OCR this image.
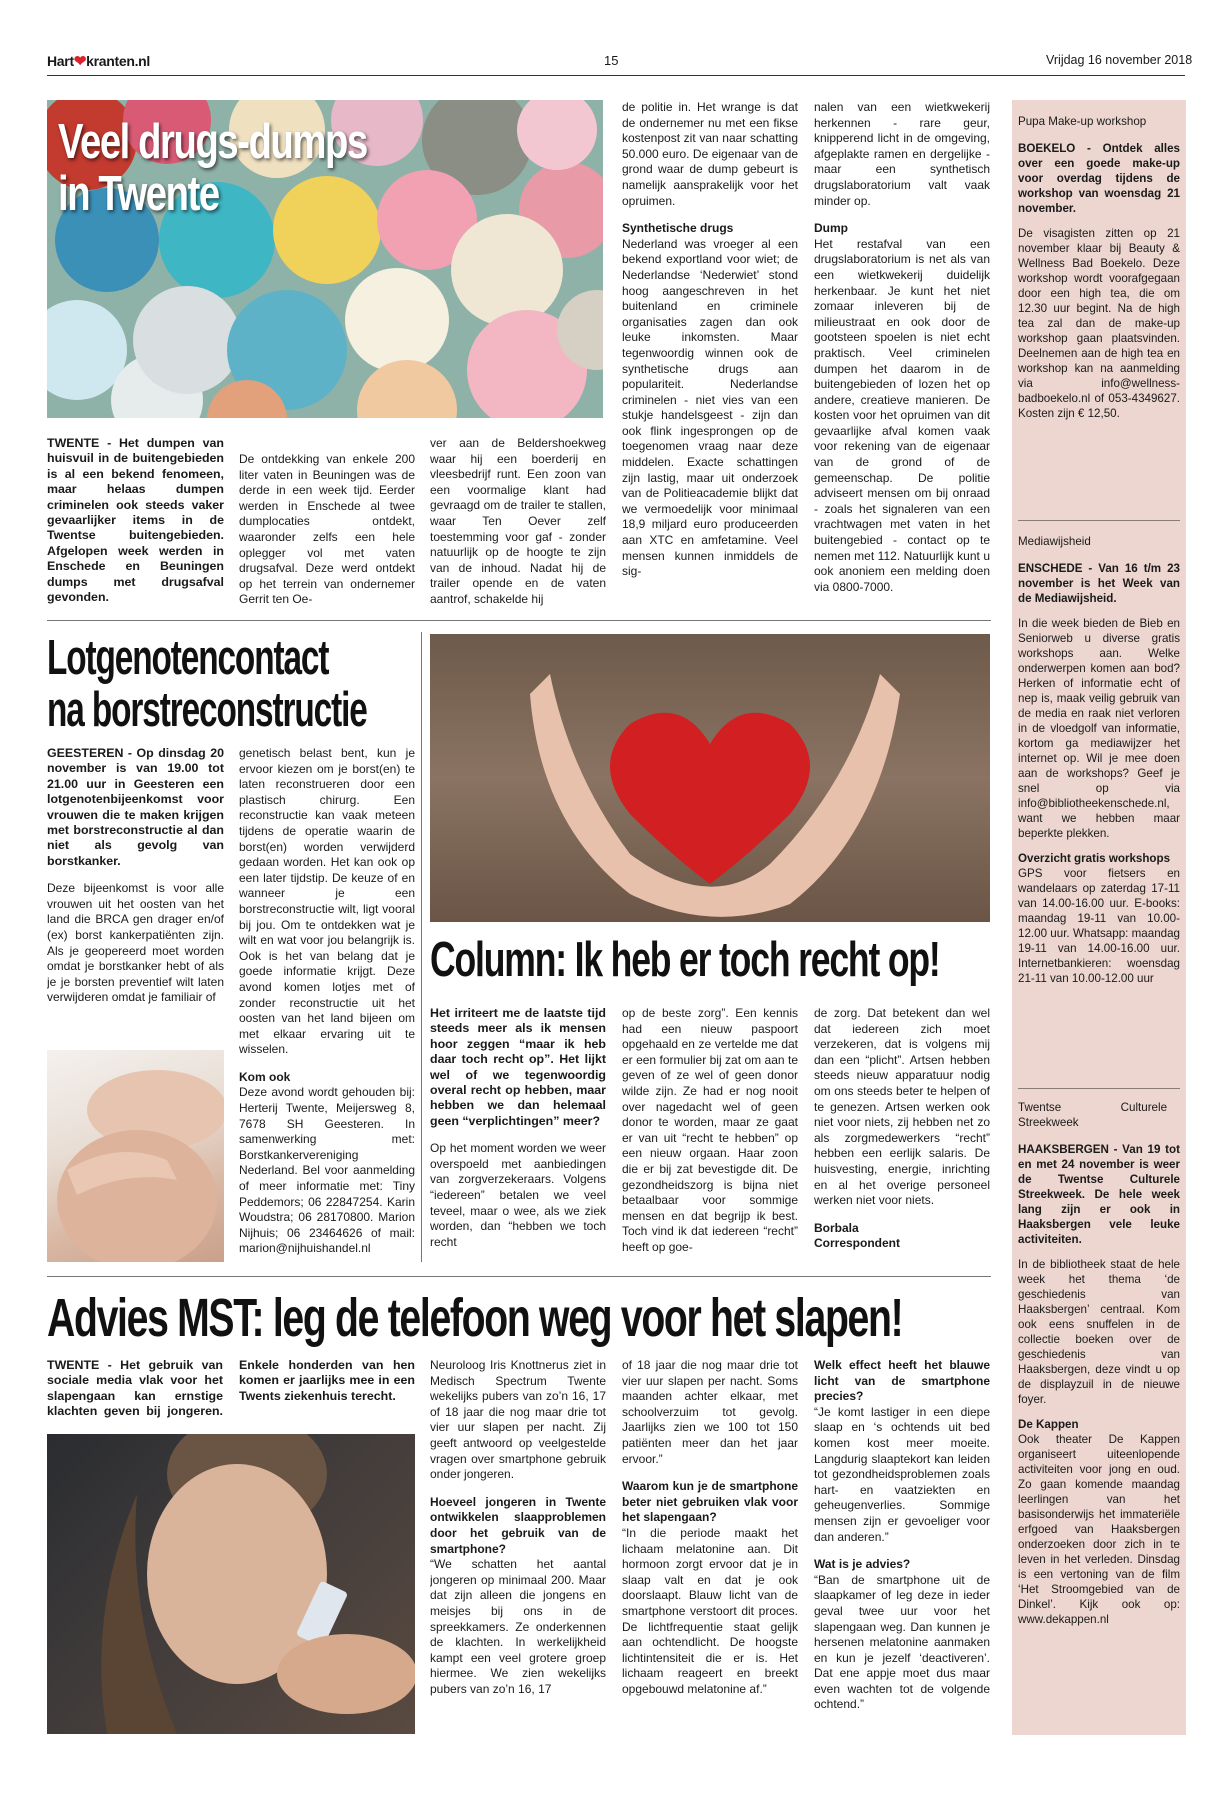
Hart❤kranten.nl	15	Vrijdag 16 november 2018
Veel drugs-dumps
in Twente

TWENTE - Het dumpen van huisvuil in de buitengebieden is al een bekend fenomeen, maar helaas dumpen criminelen ook steeds vaker gevaarlijker items in de Twentse buitengebieden. Afgelopen week werden in Enschede en Beuningen dumps met drugsafval gevonden.

De ontdekking van enkele 200 liter vaten in Beuningen was de derde in een week tijd. Eerder werden in Enschede al twee dumplocaties ontdekt, waaronder zelfs een hele oplegger vol met vaten drugsafval. Deze werd ontdekt op het terrein van ondernemer Gerrit ten Oe-

ver aan de Beldershoekweg waar hij een boerderij en vleesbedrijf runt. Een zoon van een voormalige klant had gevraagd om de trailer te stallen, waar Ten Oever zelf toestemming voor gaf - zonder natuurlijk op de hoogte te zijn van de inhoud. Nadat hij de trailer opende en de vaten aantrof, schakelde hij

de politie in. Het wrange is dat de ondernemer nu met een fikse kostenpost zit van naar schatting 50.000 euro. De eigenaar van de grond waar de dump gebeurt is namelijk aansprakelijk voor het opruimen.

Synthetische drugs

Nederland was vroeger al een bekend exportland voor wiet; de Nederlandse ‘Nederwiet’ stond hoog aangeschreven in het buitenland en criminele organisaties zagen dan ook leuke inkomsten. Maar tegenwoordig winnen ook de synthetische drugs aan populariteit. Nederlandse criminelen - niet vies van een stukje handelsgeest - zijn dan ook flink ingesprongen op de toegenomen vraag naar deze middelen. Exacte schattingen zijn lastig, maar uit onderzoek van de Politieacademie blijkt dat we vermoedelijk voor minimaal 18,9 miljard euro produceerden aan XTC en amfetamine. Veel mensen kunnen inmiddels de sig-

nalen van een wietkwekerij herkennen - rare geur, knipperend licht in de omgeving, afgeplakte ramen en dergelijke - maar een synthetisch drugslaboratorium valt vaak minder op.

Dump

Het restafval van een drugslaboratorium is net als van een wietkwekerij duidelijk herkenbaar. Je kunt het niet zomaar inleveren bij de milieustraat en ook door de gootsteen spoelen is niet echt praktisch. Veel criminelen dumpen het daarom in de buitengebieden of lozen het op andere, creatieve manieren. De kosten voor het opruimen van dit gevaarlijke afval komen vaak voor rekening van de eigenaar van de grond of de gemeenschap. De politie adviseert mensen om bij onraad - zoals het signaleren van een vrachtwagen met vaten in het buitengebied - contact op te nemen met 112. Natuurlijk kunt u ook anoniem een melding doen via 0800-7000.

Lotgenotencontact
na borstreconstructie

GEESTEREN - Op dinsdag 20 november is van 19.00 tot 21.00 uur in Geesteren een lotgenotenbijeenkomst voor vrouwen die te maken krijgen met borstreconstructie al dan niet als gevolg van borstkanker.

Deze bijeenkomst is voor alle vrouwen uit het oosten van het land die BRCA gen drager en/of (ex) borst kankerpatiënten zijn. Als je geopereerd moet worden omdat je borstkanker hebt of als je je borsten preventief wilt laten verwijderen omdat je familiair of

genetisch belast bent, kun je ervoor kiezen om je borst(en) te laten reconstrueren door een plastisch chirurg. Een reconstructie kan vaak meteen tijdens de operatie waarin de borst(en) worden verwijderd gedaan worden. Het kan ook op een later tijdstip. De keuze of en wanneer je een borstreconstructie wilt, ligt vooral bij jou. Om te ontdekken wat je wilt en wat voor jou belangrijk is. Ook is het van belang dat je goede informatie krijgt. Deze avond komen lotjes met of zonder reconstructie uit het oosten van het land bijeen om met elkaar ervaring uit te wisselen.

Kom ook

Deze avond wordt gehouden bij: Herterij Twente, Meijersweg 8, 7678 SH Geesteren. In samenwerking met: Borstkankervereniging Nederland. Bel voor aanmelding of meer informatie met: Tiny Peddemors; 06 22847254. Karin Woudstra; 06 28170800. Marion Nijhuis; 06 23464626 of mail: marion@nijhuishandel.nl

Column: Ik heb er toch recht op!

Het irriteert me de laatste tijd steeds meer als ik mensen hoor zeggen “maar ik heb daar toch recht op”. Het lijkt wel of we tegenwoordig overal recht op hebben, maar hebben we dan helemaal geen “verplichtingen” meer?

Op het moment worden we weer overspoeld met aanbiedingen van zorgverzekeraars. Volgens “iedereen” betalen we veel teveel, maar o wee, als we ziek worden, dan “hebben we toch recht

op de beste zorg”. Een kennis had een nieuw paspoort opgehaald en ze vertelde me dat er een formulier bij zat om aan te geven of ze wel of geen donor wilde zijn. Ze had er nog nooit over nagedacht wel of geen donor te worden, maar ze gaat er van uit “recht te hebben” op een nieuw orgaan. Haar zoon die er bij zat bevestigde dit. De gezondheidszorg is bijna niet betaalbaar voor sommige mensen en dat begrijp ik best. Toch vind ik dat iedereen “recht” heeft op goe-

de zorg. Dat betekent dan wel dat iedereen zich moet verzekeren, dat is volgens mij dan een “plicht”. Artsen hebben steeds nieuw apparatuur nodig om ons steeds beter te helpen of te genezen. Artsen werken ook niet voor niets, zij hebben net zo als zorgmedewerkers “recht” hebben een eerlijk salaris. De huisvesting, energie, inrichting en al het overige personeel werken niet voor niets.

Borbala
Correspondent

Advies MST: leg de telefoon weg voor het slapen!

TWENTE - Het gebruik van sociale media vlak voor het slapengaan kan ernstige klachten geven bij jongeren. Enkele honderden van hen komen er jaarlijks mee in een Twents ziekenhuis terecht.

Neuroloog Iris Knottnerus ziet in Medisch Spectrum Twente wekelijks pubers van zo’n 16, 17 of 18 jaar die nog maar drie tot vier uur slapen per nacht. Zij geeft antwoord op veelgestelde vragen over smartphone gebruik onder jongeren.

Hoeveel jongeren in Twente ontwikkelen slaapproblemen door het gebruik van de smartphone?

“We schatten het aantal jongeren op minimaal 200. Maar dat zijn alleen die jongens en meisjes bij ons in de spreekkamers. Ze onderkennen de klachten. In werkelijkheid kampt een veel grotere groep hiermee. We zien wekelijks pubers van zo’n 16, 17

of 18 jaar die nog maar drie tot vier uur slapen per nacht. Soms maanden achter elkaar, met schoolverzuim tot gevolg. Jaarlijks zien we 100 tot 150 patiënten meer dan het jaar ervoor.”

Waarom kun je de smartphone beter niet gebruiken vlak voor het slapengaan?

“In die periode maakt het lichaam melatonine aan. Dit hormoon zorgt ervoor dat je in slaap valt en dat je ook doorslaapt. Blauw licht van de smartphone verstoort dit proces. De lichtfrequentie staat gelijk aan ochtendlicht. De hoogste lichtintensiteit die er is. Het lichaam reageert en breekt opgebouwd melatonine af.”

Welk effect heeft het blauwe licht van de smartphone precies?

“Je komt lastiger in een diepe slaap en ‘s ochtends uit bed komen kost meer moeite. Langdurig slaaptekort kan leiden tot gezondheidsproblemen zoals hart- en vaatziekten en geheugenverlies. Sommige mensen zijn er gevoeliger voor dan anderen.”

Wat is je advies?

“Ban de smartphone uit de slaapkamer of leg deze in ieder geval twee uur voor het slapengaan weg. Dan kunnen je hersenen melatonine aanmaken en kun je jezelf ‘deactiveren’. Dat ene appje moet dus maar even wachten tot de volgende ochtend.”

Pupa Make-up workshop

BOEKELO - Ontdek alles over een goede make-up voor overdag tijdens de workshop van woensdag 21 november.

De visagisten zitten op 21 november klaar bij Beauty & Wellness Bad Boekelo. Deze workshop wordt voorafgegaan door een high tea, die om 12.30 uur begint. Na de high tea zal dan de make-up workshop gaan plaatsvinden. Deelnemen aan de high tea en workshop kan na aanmelding via info@wellness-badboekelo.nl of 053-4349627. Kosten zijn € 12,50.

Mediawijsheid

ENSCHEDE - Van 16 t/m 23 november is het Week van de Mediawijsheid.

In die week bieden de Bieb en Seniorweb u diverse gratis workshops aan. Welke onderwerpen komen aan bod? Herken of informatie echt of nep is, maak veilig gebruik van de media en raak niet verloren in de vloedgolf van informatie, kortom ga mediawijzer het internet op. Wil je mee doen aan de workshops? Geef je snel op via info@bibliotheekenschede.nl, want we hebben maar beperkte plekken.

Overzicht gratis workshops

GPS voor fietsers en wandelaars op zaterdag 17-11 van 14.00-16.00 uur. E-books: maandag 19-11 van 10.00-12.00 uur. Whatsapp: maandag 19-11 van 14.00-16.00 uur. Internetbankieren: woensdag 21-11 van 10.00-12.00 uur

Twentse Culturele Streekweek

HAAKSBERGEN - Van 19 tot en met 24 november is weer de Twentse Culturele Streekweek. De hele week lang zijn er ook in Haaksbergen vele leuke activiteiten.

In de bibliotheek staat de hele week het thema ‘de geschiedenis van Haaksbergen’ centraal. Kom ook eens snuffelen in de collectie boeken over de geschiedenis van Haaksbergen, deze vindt u op de displayzuil in de nieuwe foyer.

De Kappen

Ook theater De Kappen organiseert uiteenlopende activiteiten voor jong en oud. Zo gaan komende maandag leerlingen van het basisonderwijs het immateriële erfgoed van Haaksbergen onderzoeken door zich in te leven in het verleden. Dinsdag is een vertoning van de film ‘Het Stroomgebied van de Dinkel’. Kijk ook op: www.dekappen.nl
